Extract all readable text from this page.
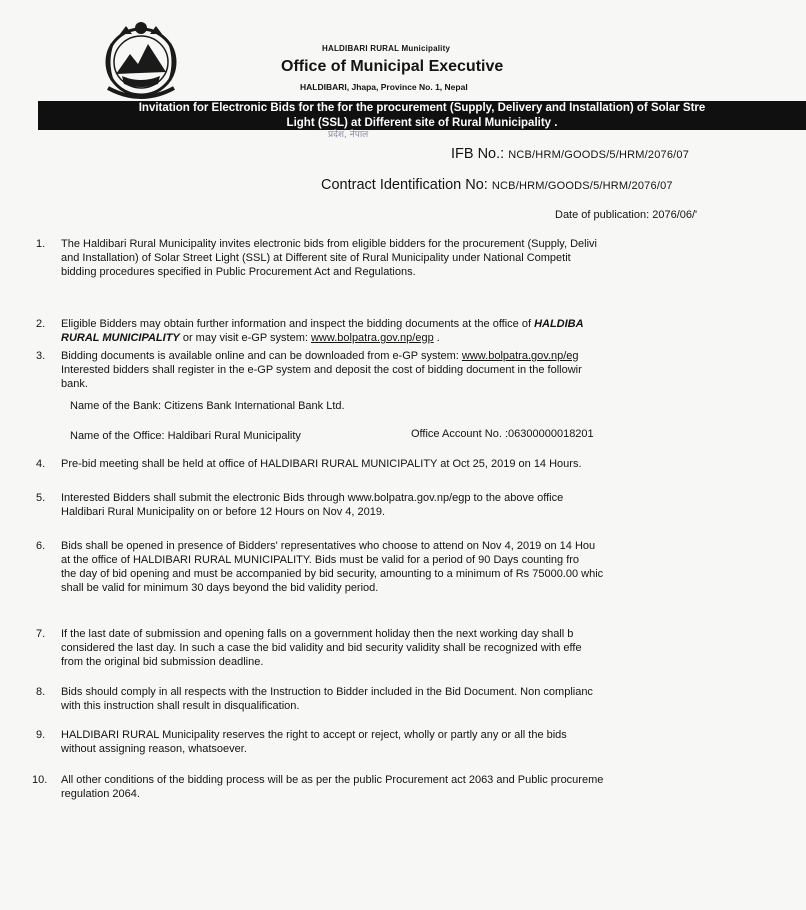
HALDIBARI RURAL Municipality
Office of Municipal Executive
HALDIBARI, Jhapa, Province No. 1, Nepal
Invitation for Electronic Bids for the for the procurement (Supply, Delivery and Installation) of Solar Stre
Light (SSL) at Different site of Rural Municipality .
प्रदेश, नेपाल
IFB No.: NCB/HRM/GOODS/5/HRM/2076/07
Contract Identification No: NCB/HRM/GOODS/5/HRM/2076/07
Date of publication: 2076/06/'
1. The Haldibari Rural Municipality invites electronic bids from eligible bidders for the procurement (Supply, Delivi
and Installation) of Solar Street Light (SSL) at Different site of Rural Municipality under National Competit
bidding procedures specified in Public Procurement Act and Regulations.
2. Eligible Bidders may obtain further information and inspect the bidding documents at the office of HALDIBA
RURAL MUNICIPALITY or may visit e-GP system: www.bolpatra.gov.np/egp .
3. Bidding documents is available online and can be downloaded from e-GP system: www.bolpatra.gov.np/eg
Interested bidders shall register in the e-GP system and deposit the cost of bidding document in the followir
bank.
Name of the Bank: Citizens Bank International Bank Ltd.
Name of the Office: Haldibari Rural Municipality	Office Account No. :06300000018201
4. Pre-bid meeting shall be held at office of HALDIBARI RURAL MUNICIPALITY at Oct 25, 2019 on 14 Hours.
5. Interested Bidders shall submit the electronic Bids through www.bolpatra.gov.np/egp to the above office
Haldibari Rural Municipality on or before 12 Hours on Nov 4, 2019.
6. Bids shall be opened in presence of Bidders' representatives who choose to attend on Nov 4, 2019 on 14 Hou
at the office of HALDIBARI RURAL MUNICIPALITY. Bids must be valid for a period of 90 Days counting fro
the day of bid opening and must be accompanied by bid security, amounting to a minimum of Rs 75000.00 whic
shall be valid for minimum 30 days beyond the bid validity period.
7. If the last date of submission and opening falls on a government holiday then the next working day shall b
considered the last day. In such a case the bid validity and bid security validity shall be recognized with effe
from the original bid submission deadline.
8. Bids should comply in all respects with the Instruction to Bidder included in the Bid Document. Non complianc
with this instruction shall result in disqualification.
9. HALDIBARI RURAL Municipality reserves the right to accept or reject, wholly or partly any or all the bids
without assigning reason, whatsoever.
10. All other conditions of the bidding process will be as per the public Procurement act 2063 and Public procureme
regulation 2064.
